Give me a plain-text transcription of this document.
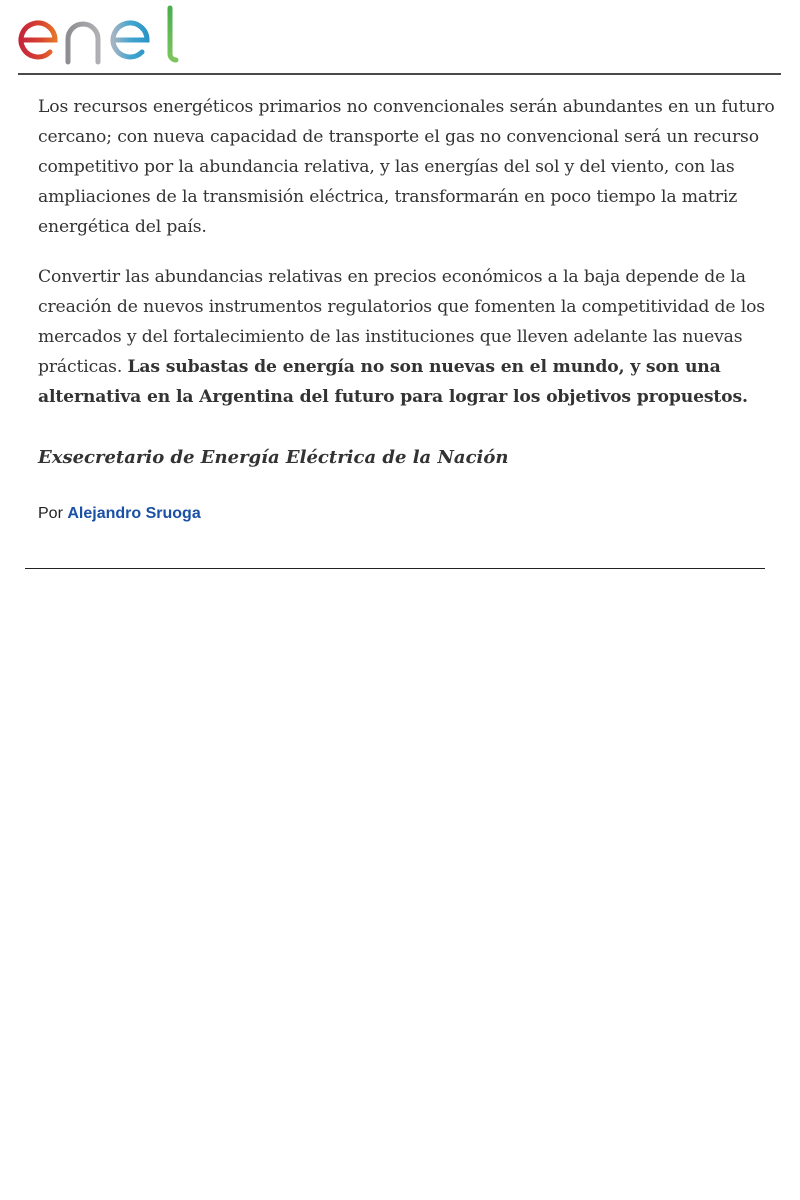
Los recursos energéticos primarios no convencionales serán abundantes en un futuro cercano; con nueva capacidad de transporte el gas no convencional será un recurso competitivo por la abundancia relativa, y las energías del sol y del viento, con las ampliaciones de la transmisión eléctrica, transformarán en poco tiempo la matriz energética del país.

Convertir las abundancias relativas en precios económicos a la baja depende de la creación de nuevos instrumentos regulatorios que fomenten la competitividad de los mercados y del fortalecimiento de las instituciones que lleven adelante las nuevas prácticas. Las subastas de energía no son nuevas en el mundo, y son una alternativa en la Argentina del futuro para lograr los objetivos propuestos.

Exsecretario de Energía Eléctrica de la Nación

Por Alejandro Sruoga
